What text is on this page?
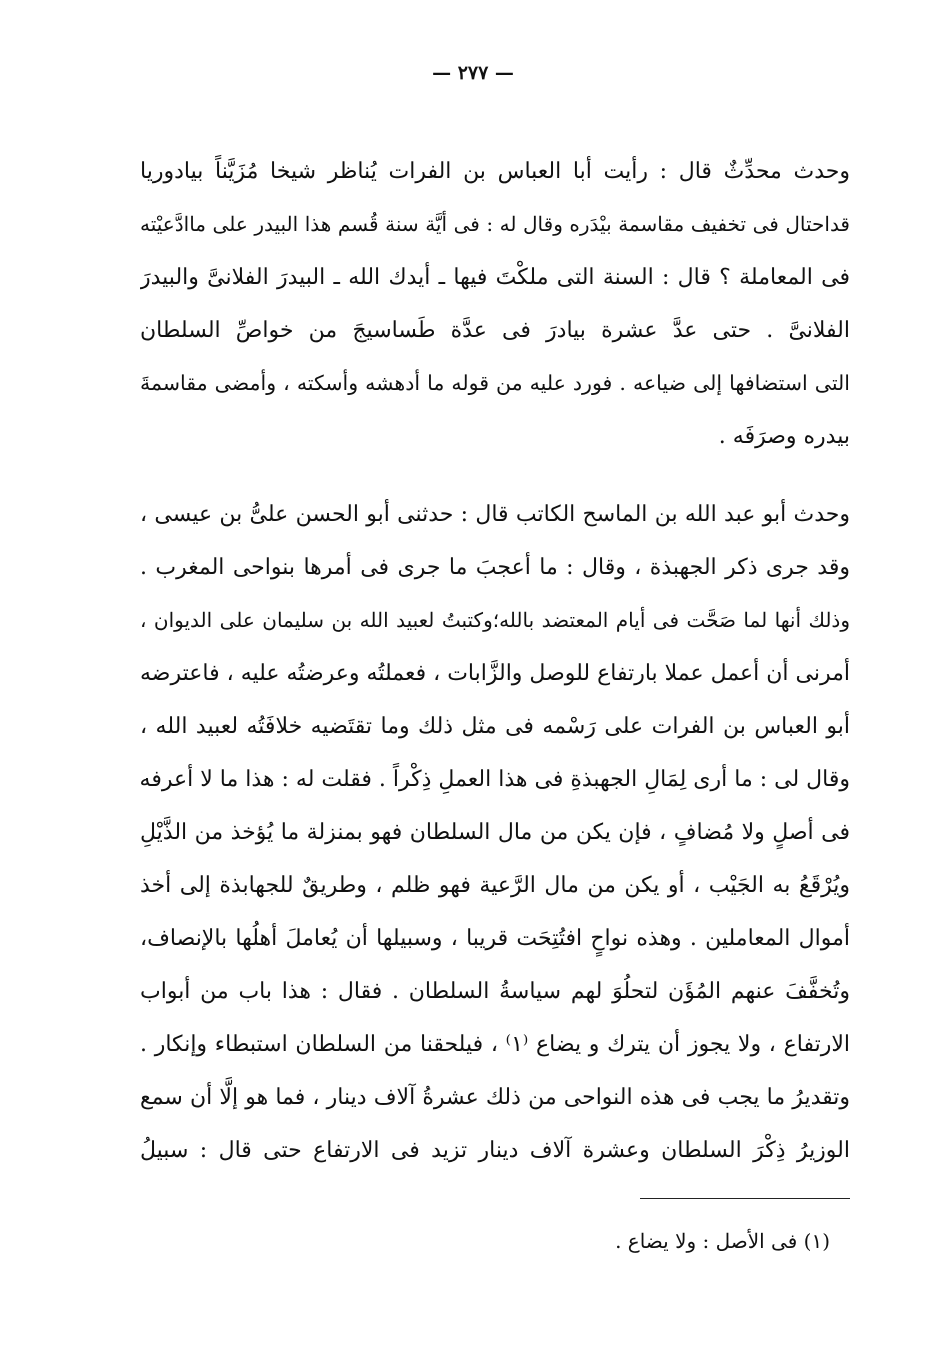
— ٢٧٧ —
وحدث محدِّثٌ قال : رأيت أبا العباس بن الفرات يُناظر شيخا مُزَيَّناً بيادوريا
قداحتال فى تخفيف مقاسمة بيْدَره وقال له : فى أيَّة سنة قُسم هذا البيدر على ماادَّعيْته
فى المعاملة ؟ قال : السنة التى ملكْتَ فيها ـ أيدك الله ـ البيدرَ الفلانىَّ والبيدرَ
الفلانىَّ . حتى عدَّ عشرة بيادرَ فى عدَّة طَساسيجَ من خواصِّ السلطان
التى استضافها إلى ضياعه . فورد عليه من قوله ما أدهشه وأسكته ، وأمضى مقاسمةَ
بيدره وصرَفَه .
وحدث أبو عبد الله بن الماسح الكاتب قال : حدثنى أبو الحسن علىُّ بن عيسى ،
وقد جرى ذكر الجهبذة ، وقال : ما أعجبَ ما جرى فى أمرها بنواحى المغرب .
وذلك أنها لما صَحَّت فى أيام المعتضد بالله؛وكتبتُ لعبيد الله بن سليمان على الديوان ،
أمرنى أن أعمل عملا بارتفاع للوصل والزَّابات ، فعملتُه وعرضتُه عليه ، فاعترضه
أبو العباس بن الفرات على رَسْمه فى مثل ذلك وما تقتَضيه خلافَتُه لعبيد الله ،
وقال لى : ما أرى لِمَالِ الجهبذةِ فى هذا العملِ ذِكْراً . فقلت له : هذا ما لا أعرفه
فى أصلٍ ولا مُضافٍ ، فإن يكن من مال السلطان فهو بمنزلة ما يُؤخذ من الذَّيْلِ
ويُرْقَعُ به الجَيْب ، أو يكن من مال الرَّعية فهو ظلم ، وطريقٌ للجهابذة إلى أخذ
أموال المعاملين . وهذه نواحٍ افتُتِحَت قريبا ، وسبيلها أن يُعاملَ أهلُها بالإنصاف،
وتُخفَّفَ عنهم المُؤَن لتحلُوَ لهم سياسةُ السلطان . فقال : هذا باب من أبواب
الارتفاع ، ولا يجوز أن يترك و يضاع ⁽١⁾ ، فيلحقنا من السلطان استبطاء وإنكار .
وتقديرُ ما يجب فى هذه النواحى من ذلك عشرةُ آلاف دينار ، فما هو إلَّا أن سمع
الوزيرُ ذِكْرَ السلطان وعشرة آلاف دينار تزيد فى الارتفاع حتى قال : سبيلُ
(١) فى الأصل : ولا يضاع .
